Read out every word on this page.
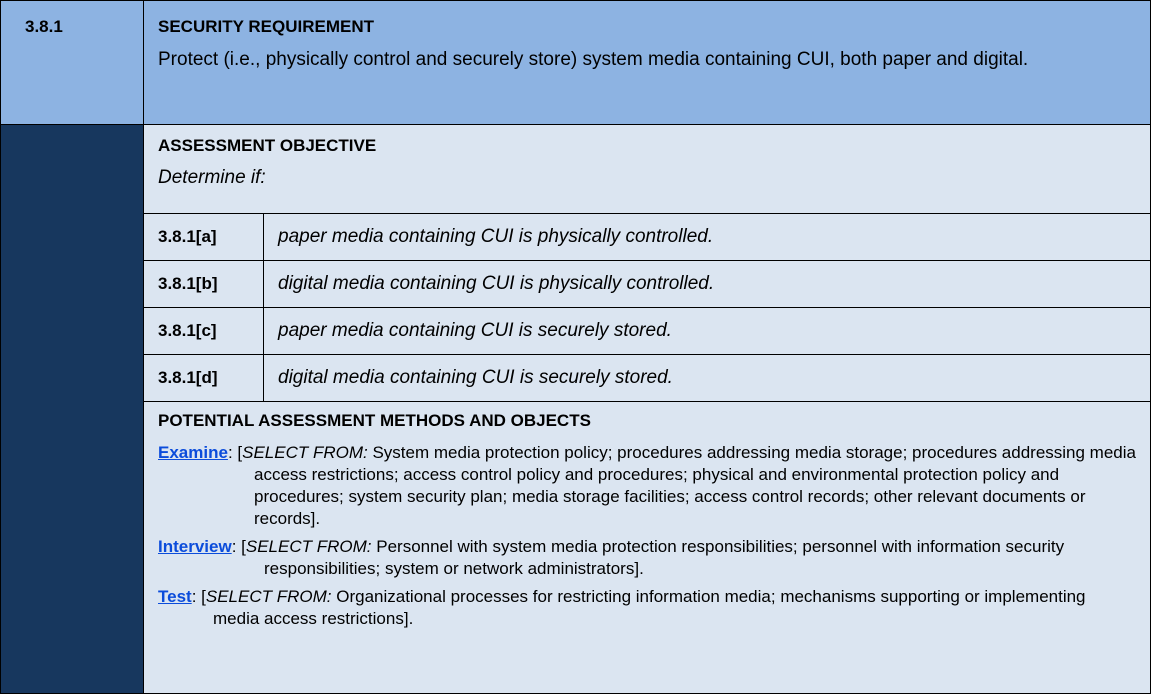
3.8.1	SECURITY REQUIREMENT
Protect (i.e., physically control and securely store) system media containing CUI, both paper and digital.
ASSESSMENT OBJECTIVE
Determine if:
3.8.1[a]	paper media containing CUI is physically controlled.
3.8.1[b]	digital media containing CUI is physically controlled.
3.8.1[c]	paper media containing CUI is securely stored.
3.8.1[d]	digital media containing CUI is securely stored.
POTENTIAL ASSESSMENT METHODS AND OBJECTS
Examine: [SELECT FROM: System media protection policy; procedures addressing media storage; procedures addressing media access restrictions; access control policy and procedures; physical and environmental protection policy and procedures; system security plan; media storage facilities; access control records; other relevant documents or records].
Interview: [SELECT FROM: Personnel with system media protection responsibilities; personnel with information security responsibilities; system or network administrators].
Test: [SELECT FROM: Organizational processes for restricting information media; mechanisms supporting or implementing media access restrictions].
